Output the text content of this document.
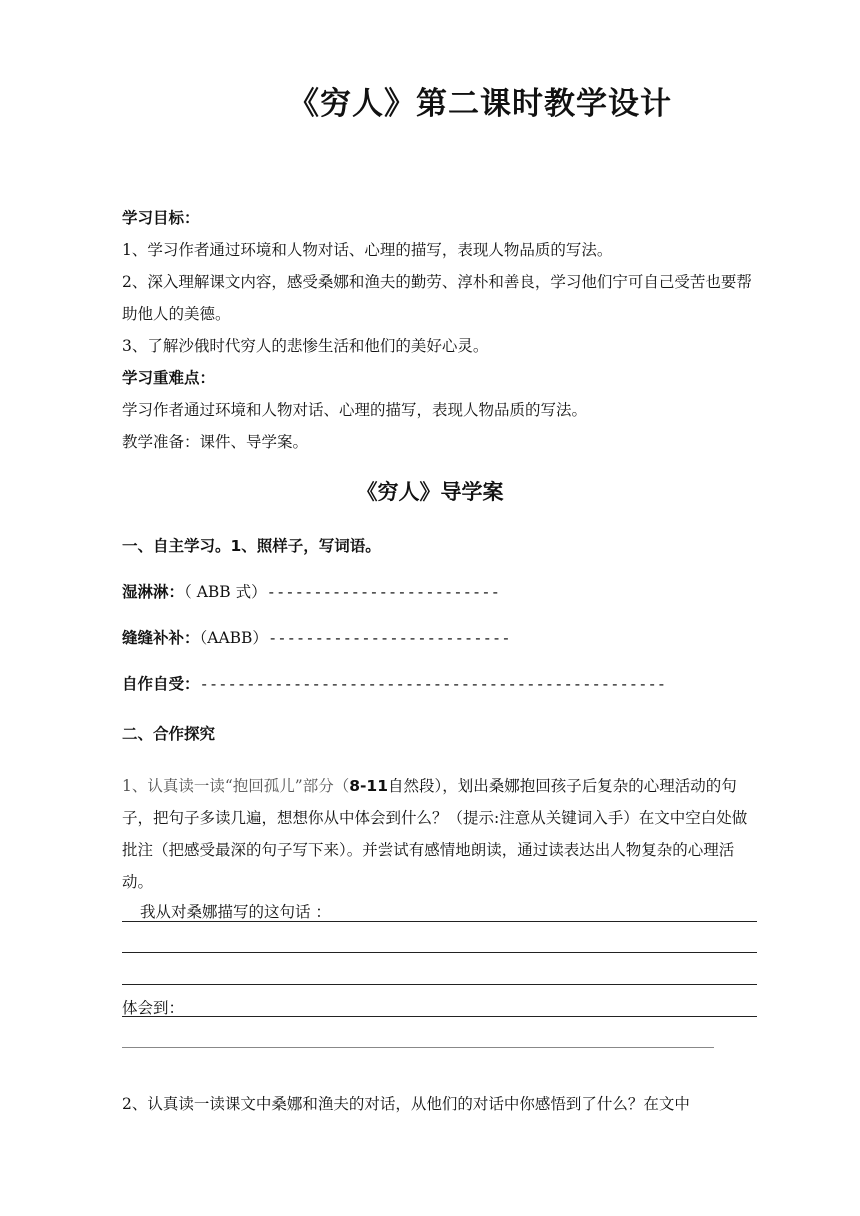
《穷人》第二课时教学设计
学习目标：
1、学习作者通过环境和人物对话、心理的描写，表现人物品质的写法。
2、深入理解课文内容，感受桑娜和渔夫的勤劳、淳朴和善良，学习他们宁可自己受苦也要帮助他人的美德。
3、了解沙俄时代穷人的悲惨生活和他们的美好心灵。
学习重难点：
学习作者通过环境和人物对话、心理的描写，表现人物品质的写法。
教学准备：课件、导学案。
《穷人》导学案
一、自主学习。1、照样子，写词语。
湿淋淋：（ ABB 式）-------------------------
缝缝补补：（AABB）--------------------------
自作自受：--------------------------------------------------
二、合作探究
1、认真读一读“抱回孤儿”部分（8-11自然段），划出桑娜抱回孩子后复杂的心理活动的句子，把句子多读几遍，想想你从中体会到什么？（提示:注意从关键词入手）在文中空白处做批注（把感受最深的句子写下来）。并尝试有感情地朗读，通过读表达出人物复杂的心理活动。
我从对桑娜描写的这句话 ：
体会到：
2、认真读一读课文中桑娜和渔夫的对话，从他们的对话中你感悟到了什么？在文中
